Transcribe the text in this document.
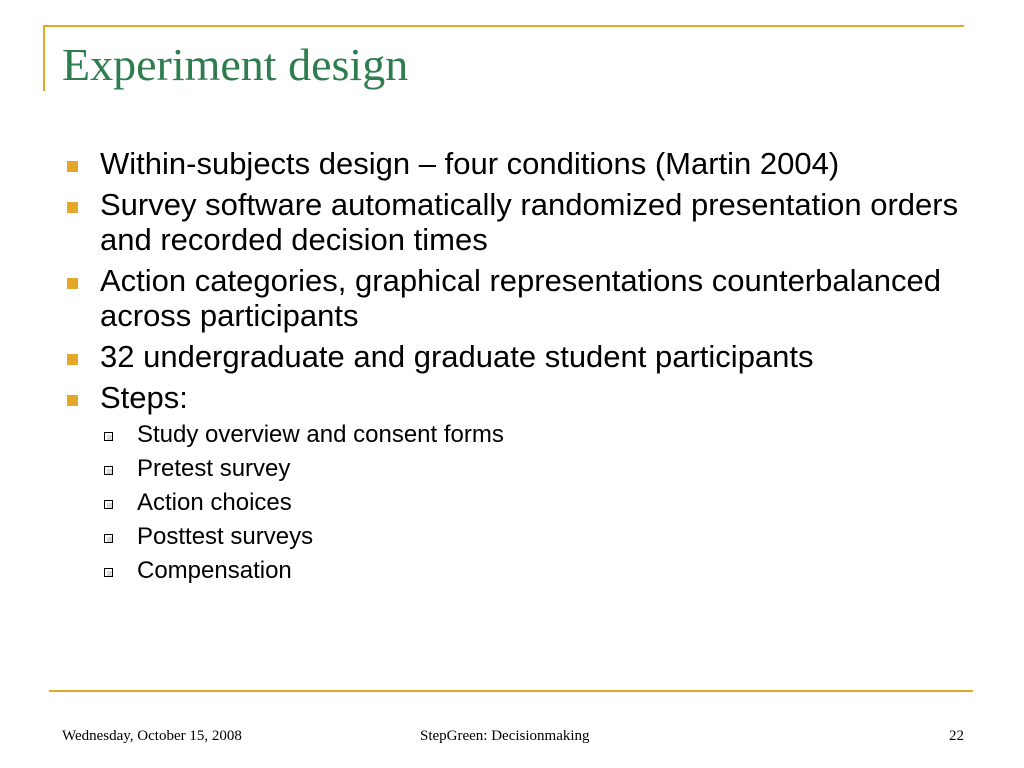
Experiment design
Within-subjects design – four conditions (Martin 2004)
Survey software automatically randomized presentation orders and recorded decision times
Action categories, graphical representations counterbalanced across participants
32 undergraduate and graduate student participants
Steps:
Study overview and consent forms
Pretest survey
Action choices
Posttest surveys
Compensation
Wednesday, October 15, 2008	StepGreen: Decisionmaking	22
